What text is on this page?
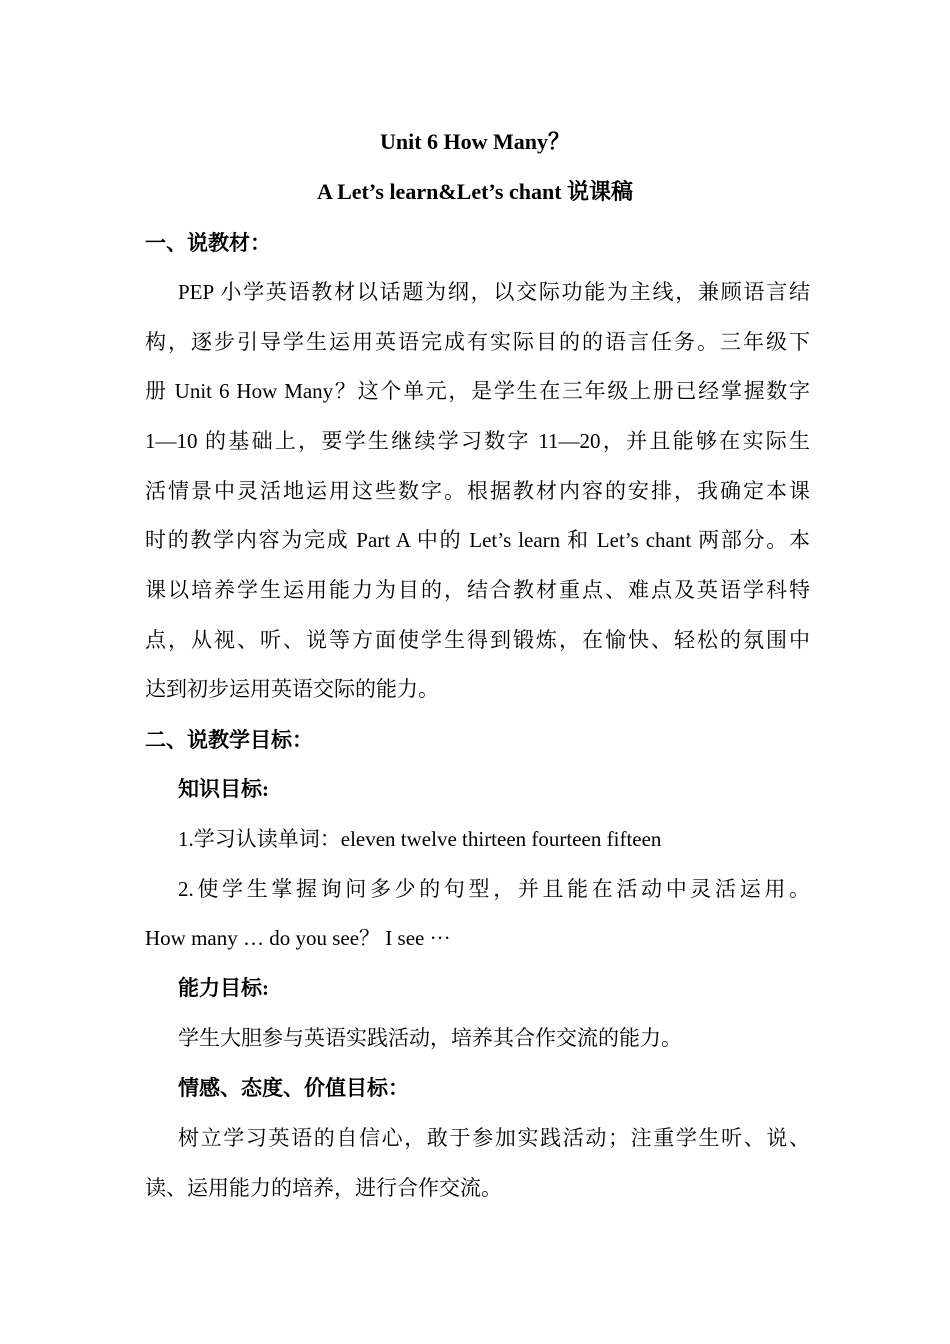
Unit 6 How Many？
A Let’s learn&Let’s chant 说课稿
一、说教材：
PEP 小学英语教材以话题为纲，以交际功能为主线，兼顾语言结
构，逐步引导学生运用英语完成有实际目的的语言任务。三年级下
册 Unit 6 How Many？这个单元，是学生在三年级上册已经掌握数字
1—10 的基础上，要学生继续学习数字 11—20，并且能够在实际生
活情景中灵活地运用这些数字。根据教材内容的安排，我确定本课
时的教学内容为完成 Part A 中的 Let’s learn 和 Let’s chant 两部分。本
课以培养学生运用能力为目的，结合教材重点、难点及英语学科特
点，从视、听、说等方面使学生得到锻炼，在愉快、轻松的氛围中
达到初步运用英语交际的能力。
二、说教学目标：
知识目标:
1.学习认读单词：eleven twelve thirteen fourteen fifteen
2.使学生掌握询问多少的句型，并且能在活动中灵活运用。
How many … do you see？ I see ···
能力目标:
学生大胆参与英语实践活动，培养其合作交流的能力。
情感、态度、价值目标：
树立学习英语的自信心，敢于参加实践活动；注重学生听、说、
读、运用能力的培养，进行合作交流。
